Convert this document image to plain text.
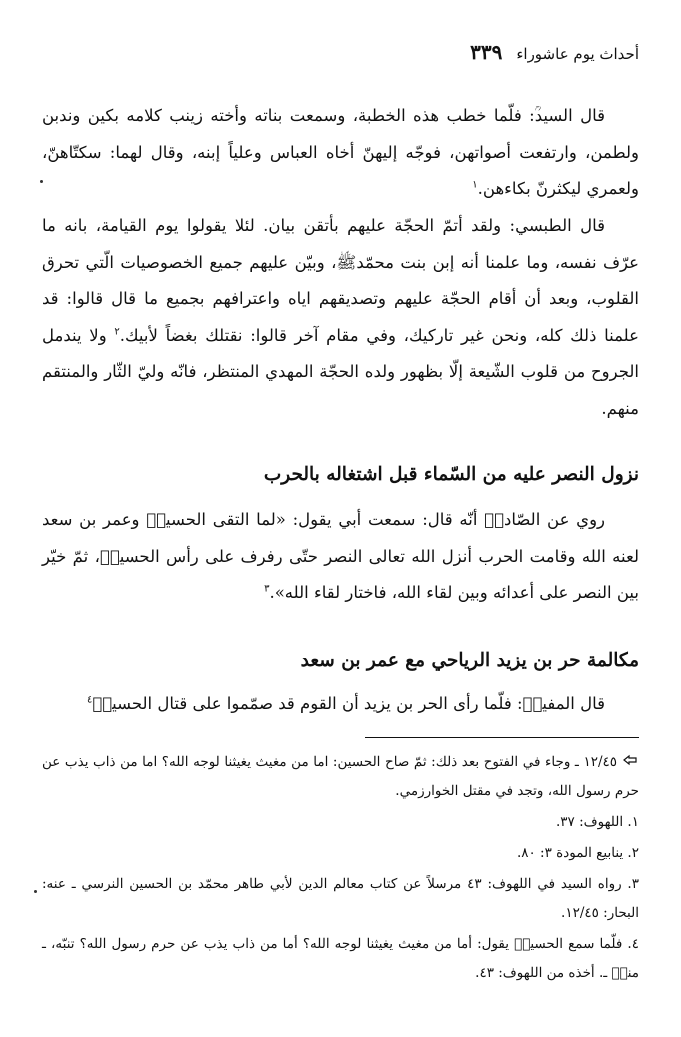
أحداث يوم عاشوراء
٣٣٩

قال السيد‌‌ؒ: فلّما خطب هذه الخطبة، وسمعت بناته وأخته زينب كلامه بكين وندبن ولطمن، وارتفعت أصواتهن، فوجّه إليهنّ أخاه العباس وعلياً إبنه، وقال لهما: سكتّاهنّ، ولعمري ليكثرنّ بكاءهن.$^١$

قال الطبسي: ولقد أتمّ الحجّة عليهم بأتقن بيان. لئلا يقولوا يوم القيامة، بانه ما عرّف نفسه، وما علمنا أنه إبن بنت محمّدﷺ، وبيّن عليهم جميع الخصوصيات الّتي تحرق القلوب، وبعد أن أقام الحجّة عليهم وتصديقهم اياه واعترافهم بجميع ما قال قالوا: قد علمنا ذلك كله، ونحن غير تاركيك، وفي مقام آخر قالوا: نقتلك بغضاً لأبيك.$^٢$ ولا يندمل الجروح من قلوب الشّيعة إلّا بظهور ولده الحجّة المهدي المنتظر، فانّه وليّ الثّار والمنتقم منهم.

نزول النصر عليه من السّماء قبل اشتغاله بالحرب

روي عن الصّادقؑ أنّه قال: سمعت أبي يقول: «لما التقى الحسينؑ وعمر بن سعد لعنه الله وقامت الحرب أنزل الله تعالى النصر حتّى رفرف على رأس الحسينؑ، ثمّ خيّر بين النصر على أعدائه وبين لقاء الله، فاختار لقاء الله».$^٣$

مكالمة حر بن يزيد الرياحي مع عمر بن سعد

قال المفيدؒ: فلّما رأى الحر بن يزيد أن القوم قد صمّموا على قتال الحسينؑ$^٤$

١٢/٤٥ ـ وجاء في الفتوح بعد ذلك: ثمّ صاح الحسين: اما من مغيث يغيثنا لوجه الله؟ اما من ذاب يذب عن حرم رسول الله، وتجد في مقتل الخوارزمي.

١. اللهوف: ٣٧.

٢. ينابيع المودة ٣: ٨٠.

٣. رواه السيد في اللهوف: ٤٣ مرسلاً عن كتاب معالم الدين لأبي طاهر محمّد بن الحسين النرسي ـ عنه: البحار: ١٢/٤٥.

٤. فلّما سمع الحسينؑ يقول: أما من مغيث يغيثنا لوجه الله؟ أما من ذاب يذب عن حرم رسول الله؟ تنبّه، ـ منهؒ ـ. أخذه من اللهوف: ٤٣.
